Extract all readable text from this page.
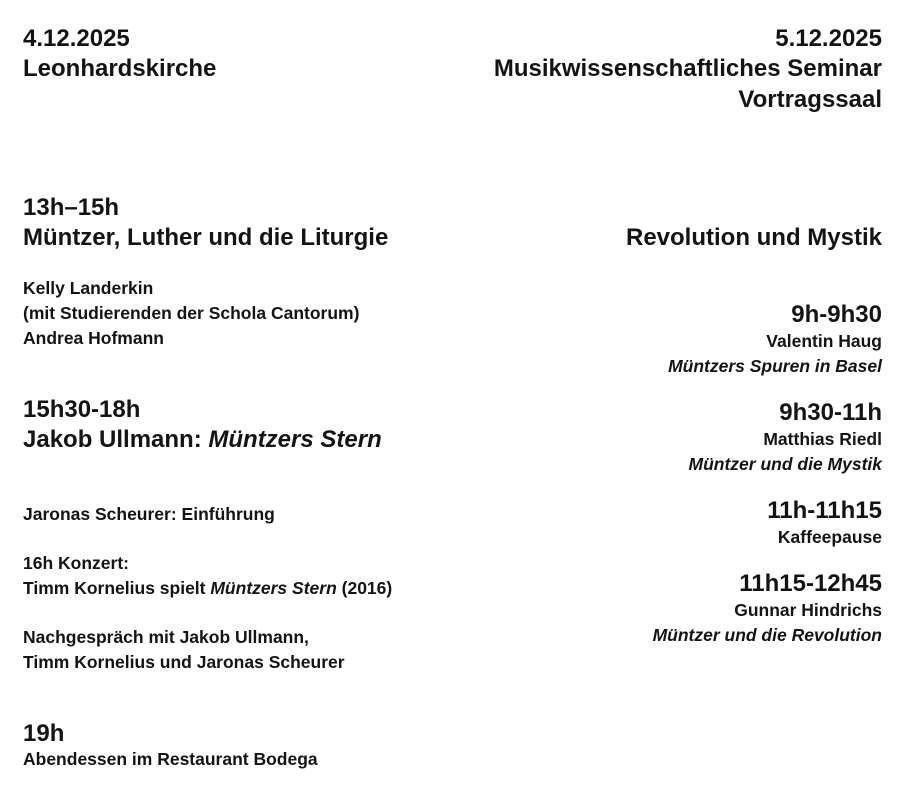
4.12.2025
Leonhardskirche
13h–15h
Müntzer, Luther und die Liturgie
Kelly Landerkin
(mit Studierenden der Schola Cantorum)
Andrea Hofmann
15h30-18h
Jakob Ullmann: Müntzers Stern
Jaronas Scheurer: Einführung
16h Konzert:
Timm Kornelius spielt Müntzers Stern (2016)
Nachgespräch mit Jakob Ullmann,
Timm Kornelius und Jaronas Scheurer
19h
Abendessen im Restaurant Bodega
5.12.2025
Musikwissenschaftliches Seminar
Vortragssaal
Revolution und Mystik
9h-9h30
Valentin Haug
Müntzers Spuren in Basel
9h30-11h
Matthias Riedl
Müntzer und die Mystik
11h-11h15
Kaffeepause
11h15-12h45
Gunnar Hindrichs
Müntzer und die Revolution
